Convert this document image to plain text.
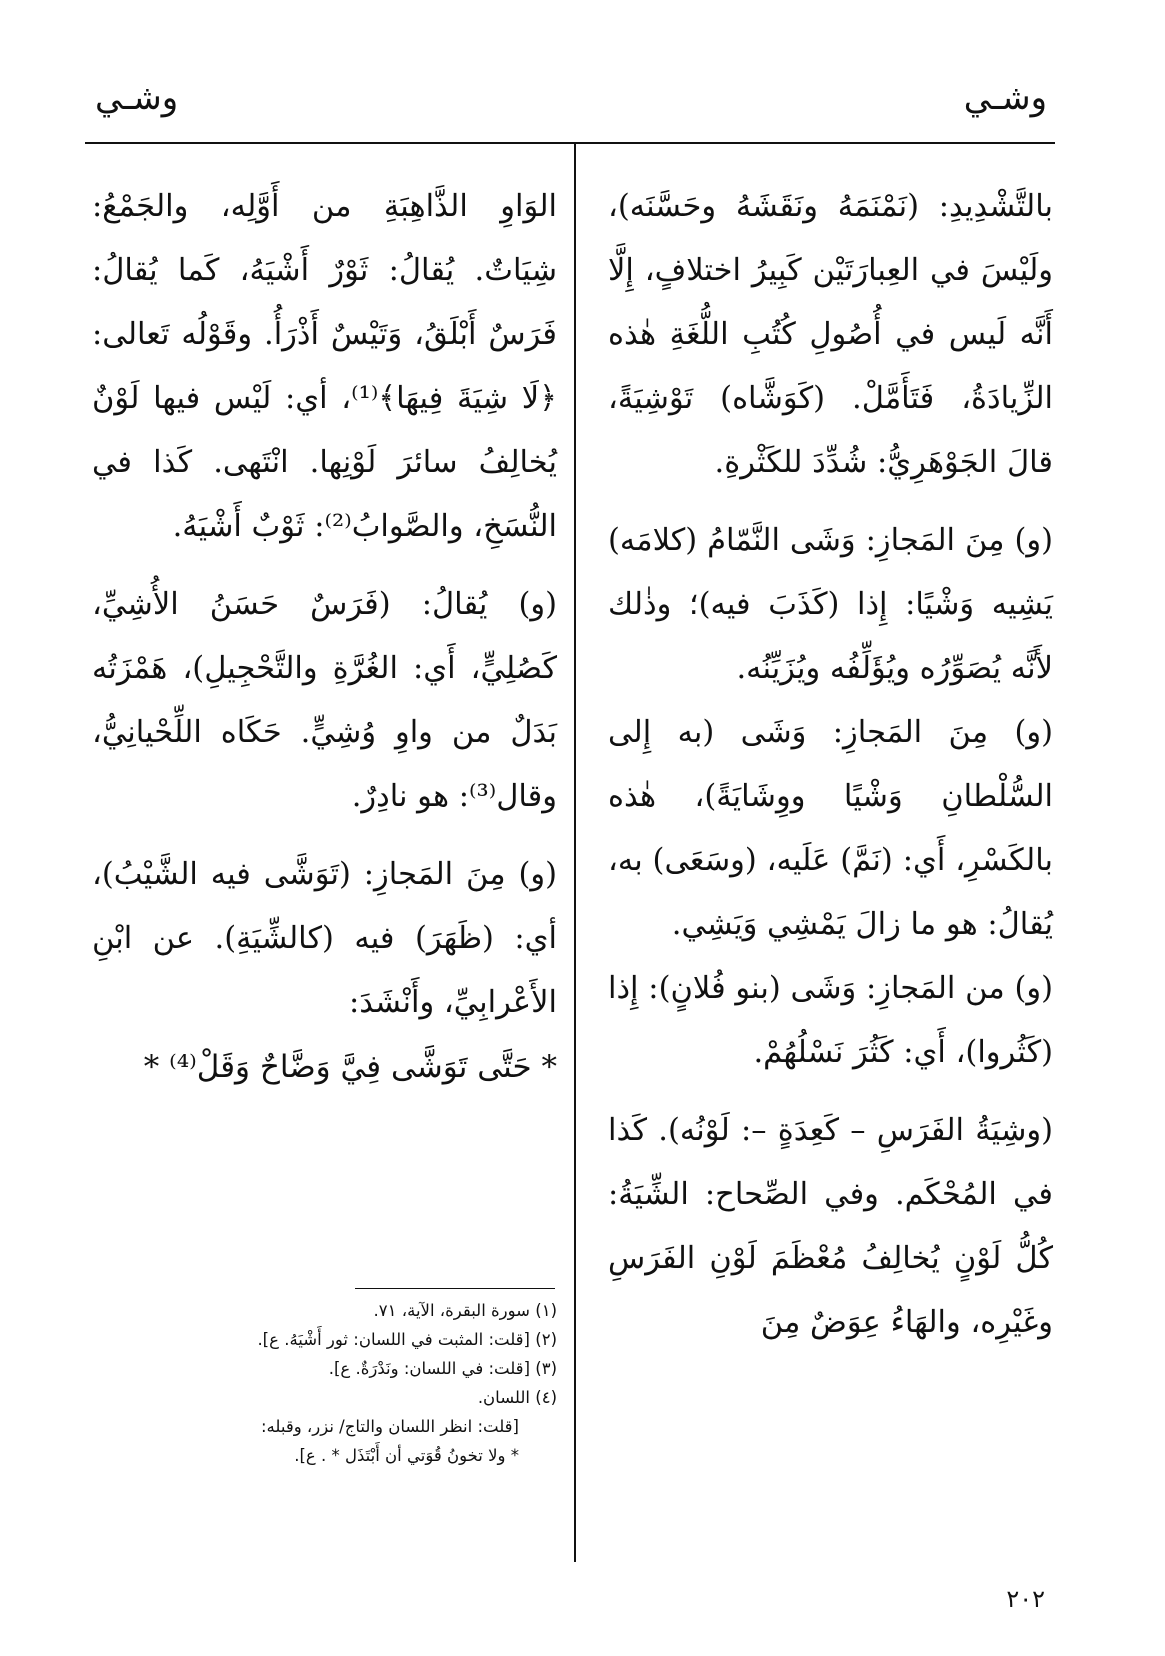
وشـي
وشـي

بالتَّشْدِيدِ: (نَمْنَمَهُ ونَقَشَهُ وحَسَّنَه)، ولَيْسَ في العِبارَتَيْن كَبِيرُ اختلافٍ، إِلَّا أَنَّه لَيس في أُصُولِ كُتُبِ اللُّغَةِ هٰذه الزِّيادَةُ، فَتَأَمَّلْ. (كَوَشَّاه) تَوْشِيَةً، قالَ الجَوْهَرِيُّ: شُدِّدَ للكَثْرةِ.

(و) مِنَ المَجازِ: وَشَى النَّمّامُ (كلامَه) يَشِيه وَشْيًا: إِذا (كَذَبَ فيه)؛ وذٰلك لأَنَّه يُصَوِّرُه ويُؤَلِّفُه ويُزَيِّنُه.

(و) مِنَ المَجازِ: وَشَى (به إِلى السُّلْطانِ وَشْيًا ووِشَايَةً)، هٰذه بالكَسْرِ، أَي: (نَمَّ) عَلَيه، (وسَعَى) به، يُقالُ: هو ما زالَ يَمْشِي وَيَشِي.

(و) من المَجازِ: وَشَى (بنو فُلانٍ): إِذا (كَثُروا)، أَي: كَثُرَ نَسْلُهُمْ.

(وشِيَةُ الفَرَسِ – كَعِدَةٍ –: لَوْنُه). كَذا في المُحْكَم. وفي الصِّحاح: الشِّيَةُ: كُلُّ لَوْنٍ يُخالِفُ مُعْظَمَ لَوْنِ الفَرَسِ وغَيْرِه، والهَاءُ عِوَضٌ مِنَ

الوَاوِ الذَّاهِبَةِ من أَوَّلِه، والجَمْعُ: شِيَاتٌ. يُقالُ: ثَوْرٌ أَشْيَهُ، كَما يُقالُ: فَرَسٌ أَبْلَقُ، وَتَيْسٌ أَذْرَأُ. وقَوْلُه تَعالى: ﴿لَا شِيَةَ فِيهَا﴾⁽¹⁾، أي: لَيْس فيها لَوْنٌ يُخالِفُ سائرَ لَوْنِها. انْتَهى. كَذا في النُّسَخِ، والصَّوابُ⁽²⁾: ثَوْبٌ أَشْيَهُ.

(و) يُقالُ: (فَرَسٌ حَسَنُ الأُشِيِّ، كَصُلِيٍّ، أَي: الغُرَّةِ والتَّحْجِيلِ)، هَمْزَتُه بَدَلٌ من واوِ وُشِيٍّ. حَكَاه اللِّحْيانِيُّ، وقال⁽³⁾: هو نادِرٌ.

(و) مِنَ المَجازِ: (تَوَشَّى فيه الشَّيْبُ)، أي: (ظَهَرَ) فيه (كالشِّيَةِ). عن ابْنِ الأَعْرابِيِّ، وأَنْشَدَ:

* حَتَّى تَوَشَّى فِيَّ وَضَّاحٌ وَقَلْ⁽⁴⁾ *

(١) سورة البقرة، الآية، ٧١.

(٢) [قلت: المثبت في اللسان: ثور أَشْيَهُ. ع].

(٣) [قلت: في اللسان: ونَدْرَةٌ. ع].

(٤) اللسان.

[قلت: انظر اللسان والتاج/ نزر، وقبله:

* ولا تخونُ قُوَتي أن أَبْتَذَل * . ع].

٢٠٢
